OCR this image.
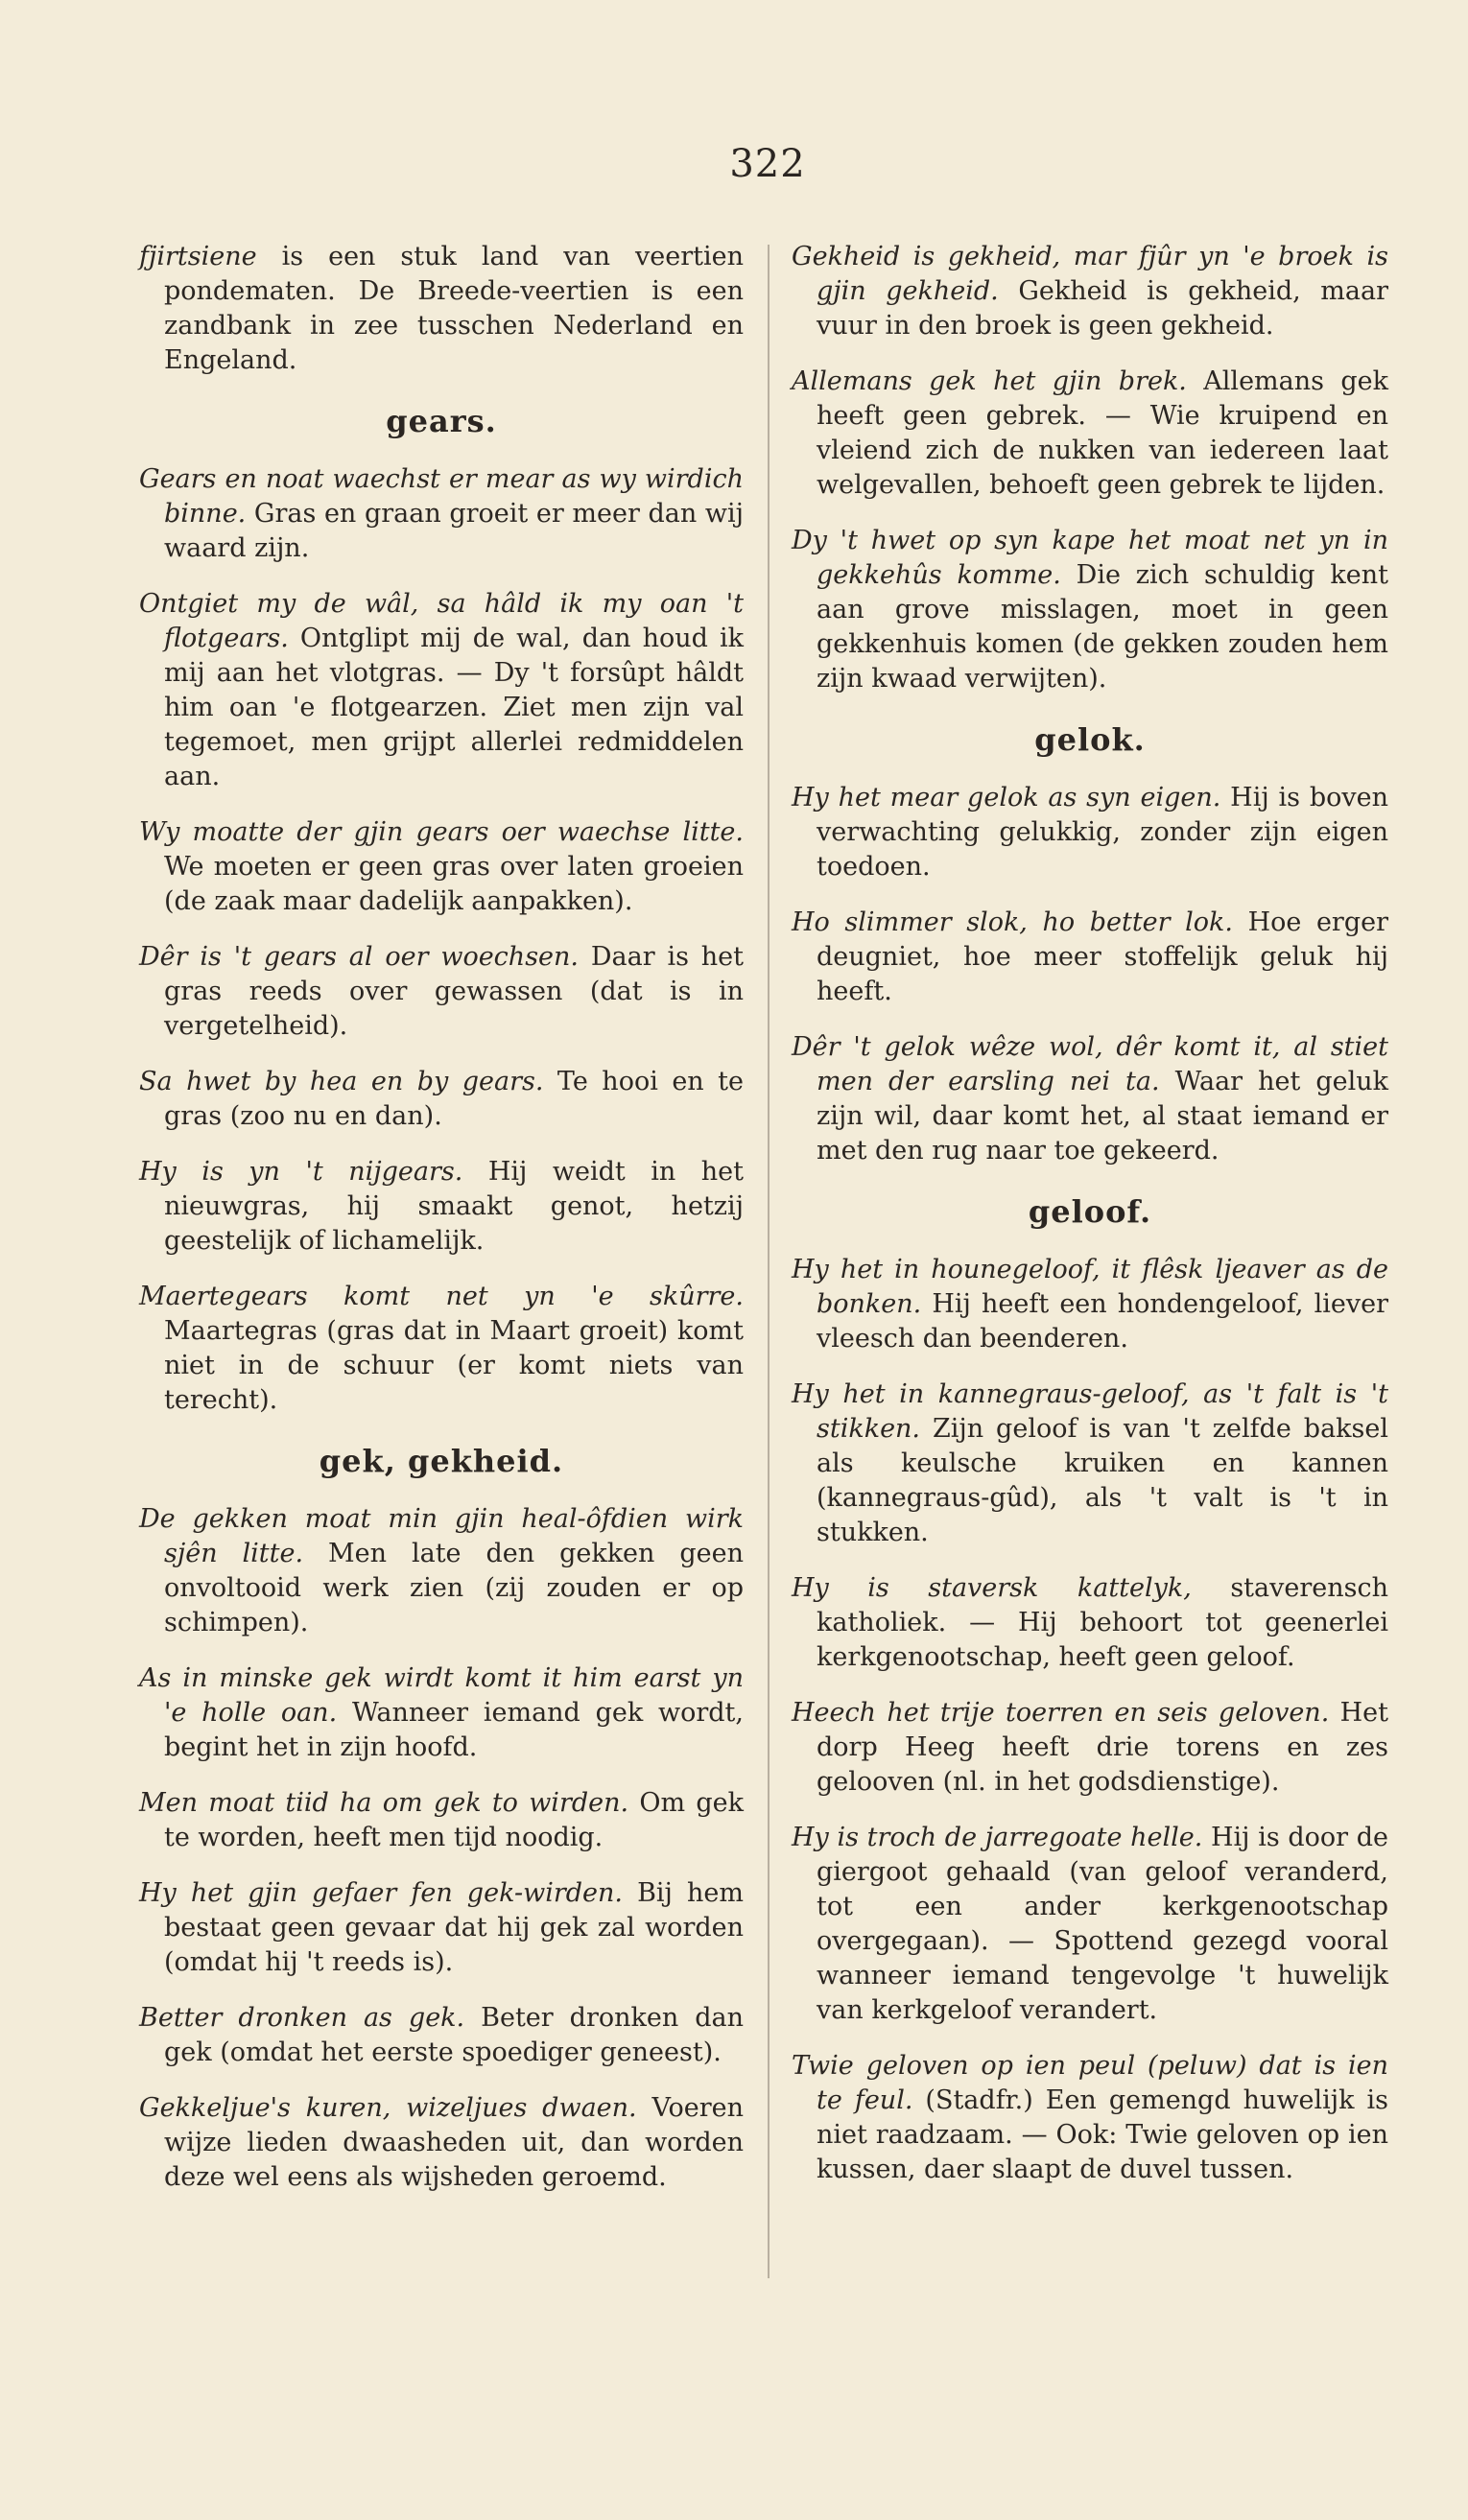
322

fjirtsiene is een stuk land van veertien pondematen. De Breede-veertien is een zandbank in zee tusschen Nederland en Engeland.

gears.

Gears en noat waechst er mear as wy wirdich binne. Gras en graan groeit er meer dan wij waard zijn.

Ontgiet my de wâl, sa hâld ik my oan 't flotgears. Ontglipt mij de wal, dan houd ik mij aan het vlotgras. — Dy 't forsûpt hâldt him oan 'e flotgearzen. Ziet men zijn val tegemoet, men grijpt allerlei redmiddelen aan.

Wy moatte der gjin gears oer waechse litte. We moeten er geen gras over laten groeien (de zaak maar dadelijk aanpakken).

Dêr is 't gears al oer woechsen. Daar is het gras reeds over gewassen (dat is in vergetelheid).

Sa hwet by hea en by gears. Te hooi en te gras (zoo nu en dan).

Hy is yn 't nijgears. Hij weidt in het nieuwgras, hij smaakt genot, hetzij geestelijk of lichamelijk.

Maertegears komt net yn 'e skûrre. Maartegras (gras dat in Maart groeit) komt niet in de schuur (er komt niets van terecht).

gek, gekheid.

De gekken moat min gjin heal-ôfdien wirk sjên litte. Men late den gekken geen onvoltooid werk zien (zij zouden er op schimpen).

As in minske gek wirdt komt it him earst yn 'e holle oan. Wanneer iemand gek wordt, begint het in zijn hoofd.

Men moat tiid ha om gek to wirden. Om gek te worden, heeft men tijd noodig.

Hy het gjin gefaer fen gek-wirden. Bij hem bestaat geen gevaar dat hij gek zal worden (omdat hij 't reeds is).

Better dronken as gek. Beter dronken dan gek (omdat het eerste spoediger geneest).

Gekkeljue's kuren, wizeljues dwaen. Voeren wijze lieden dwaasheden uit, dan worden deze wel eens als wijsheden geroemd.

Gekheid is gekheid, mar fjûr yn 'e broek is gjin gekheid. Gekheid is gekheid, maar vuur in den broek is geen gekheid.

Allemans gek het gjin brek. Allemans gek heeft geen gebrek. — Wie kruipend en vleiend zich de nukken van iedereen laat welgevallen, behoeft geen gebrek te lijden.

Dy 't hwet op syn kape het moat net yn in gekkehûs komme. Die zich schuldig kent aan grove misslagen, moet in geen gekkenhuis komen (de gekken zouden hem zijn kwaad verwijten).

gelok.

Hy het mear gelok as syn eigen. Hij is boven verwachting gelukkig, zonder zijn eigen toedoen.

Ho slimmer slok, ho better lok. Hoe erger deugniet, hoe meer stoffelijk geluk hij heeft.

Dêr 't gelok wêze wol, dêr komt it, al stiet men der earsling nei ta. Waar het geluk zijn wil, daar komt het, al staat iemand er met den rug naar toe gekeerd.

geloof.

Hy het in hounegeloof, it flêsk ljeaver as de bonken. Hij heeft een hondengeloof, liever vleesch dan beenderen.

Hy het in kannegraus-geloof, as 't falt is 't stikken. Zijn geloof is van 't zelfde baksel als keulsche kruiken en kannen (kannegraus-gûd), als 't valt is 't in stukken.

Hy is staversk kattelyk, staverensch katholiek. — Hij behoort tot geenerlei kerkgenootschap, heeft geen geloof.

Heech het trije toerren en seis geloven. Het dorp Heeg heeft drie torens en zes gelooven (nl. in het godsdienstige).

Hy is troch de jarregoate helle. Hij is door de giergoot gehaald (van geloof veranderd, tot een ander kerkgenootschap overgegaan). — Spottend gezegd vooral wanneer iemand tengevolge 't huwelijk van kerkgeloof verandert.

Twie geloven op ien peul (peluw) dat is ien te feul. (Stadfr.) Een gemengd huwelijk is niet raadzaam. — Ook: Twie geloven op ien kussen, daer slaapt de duvel tussen.
